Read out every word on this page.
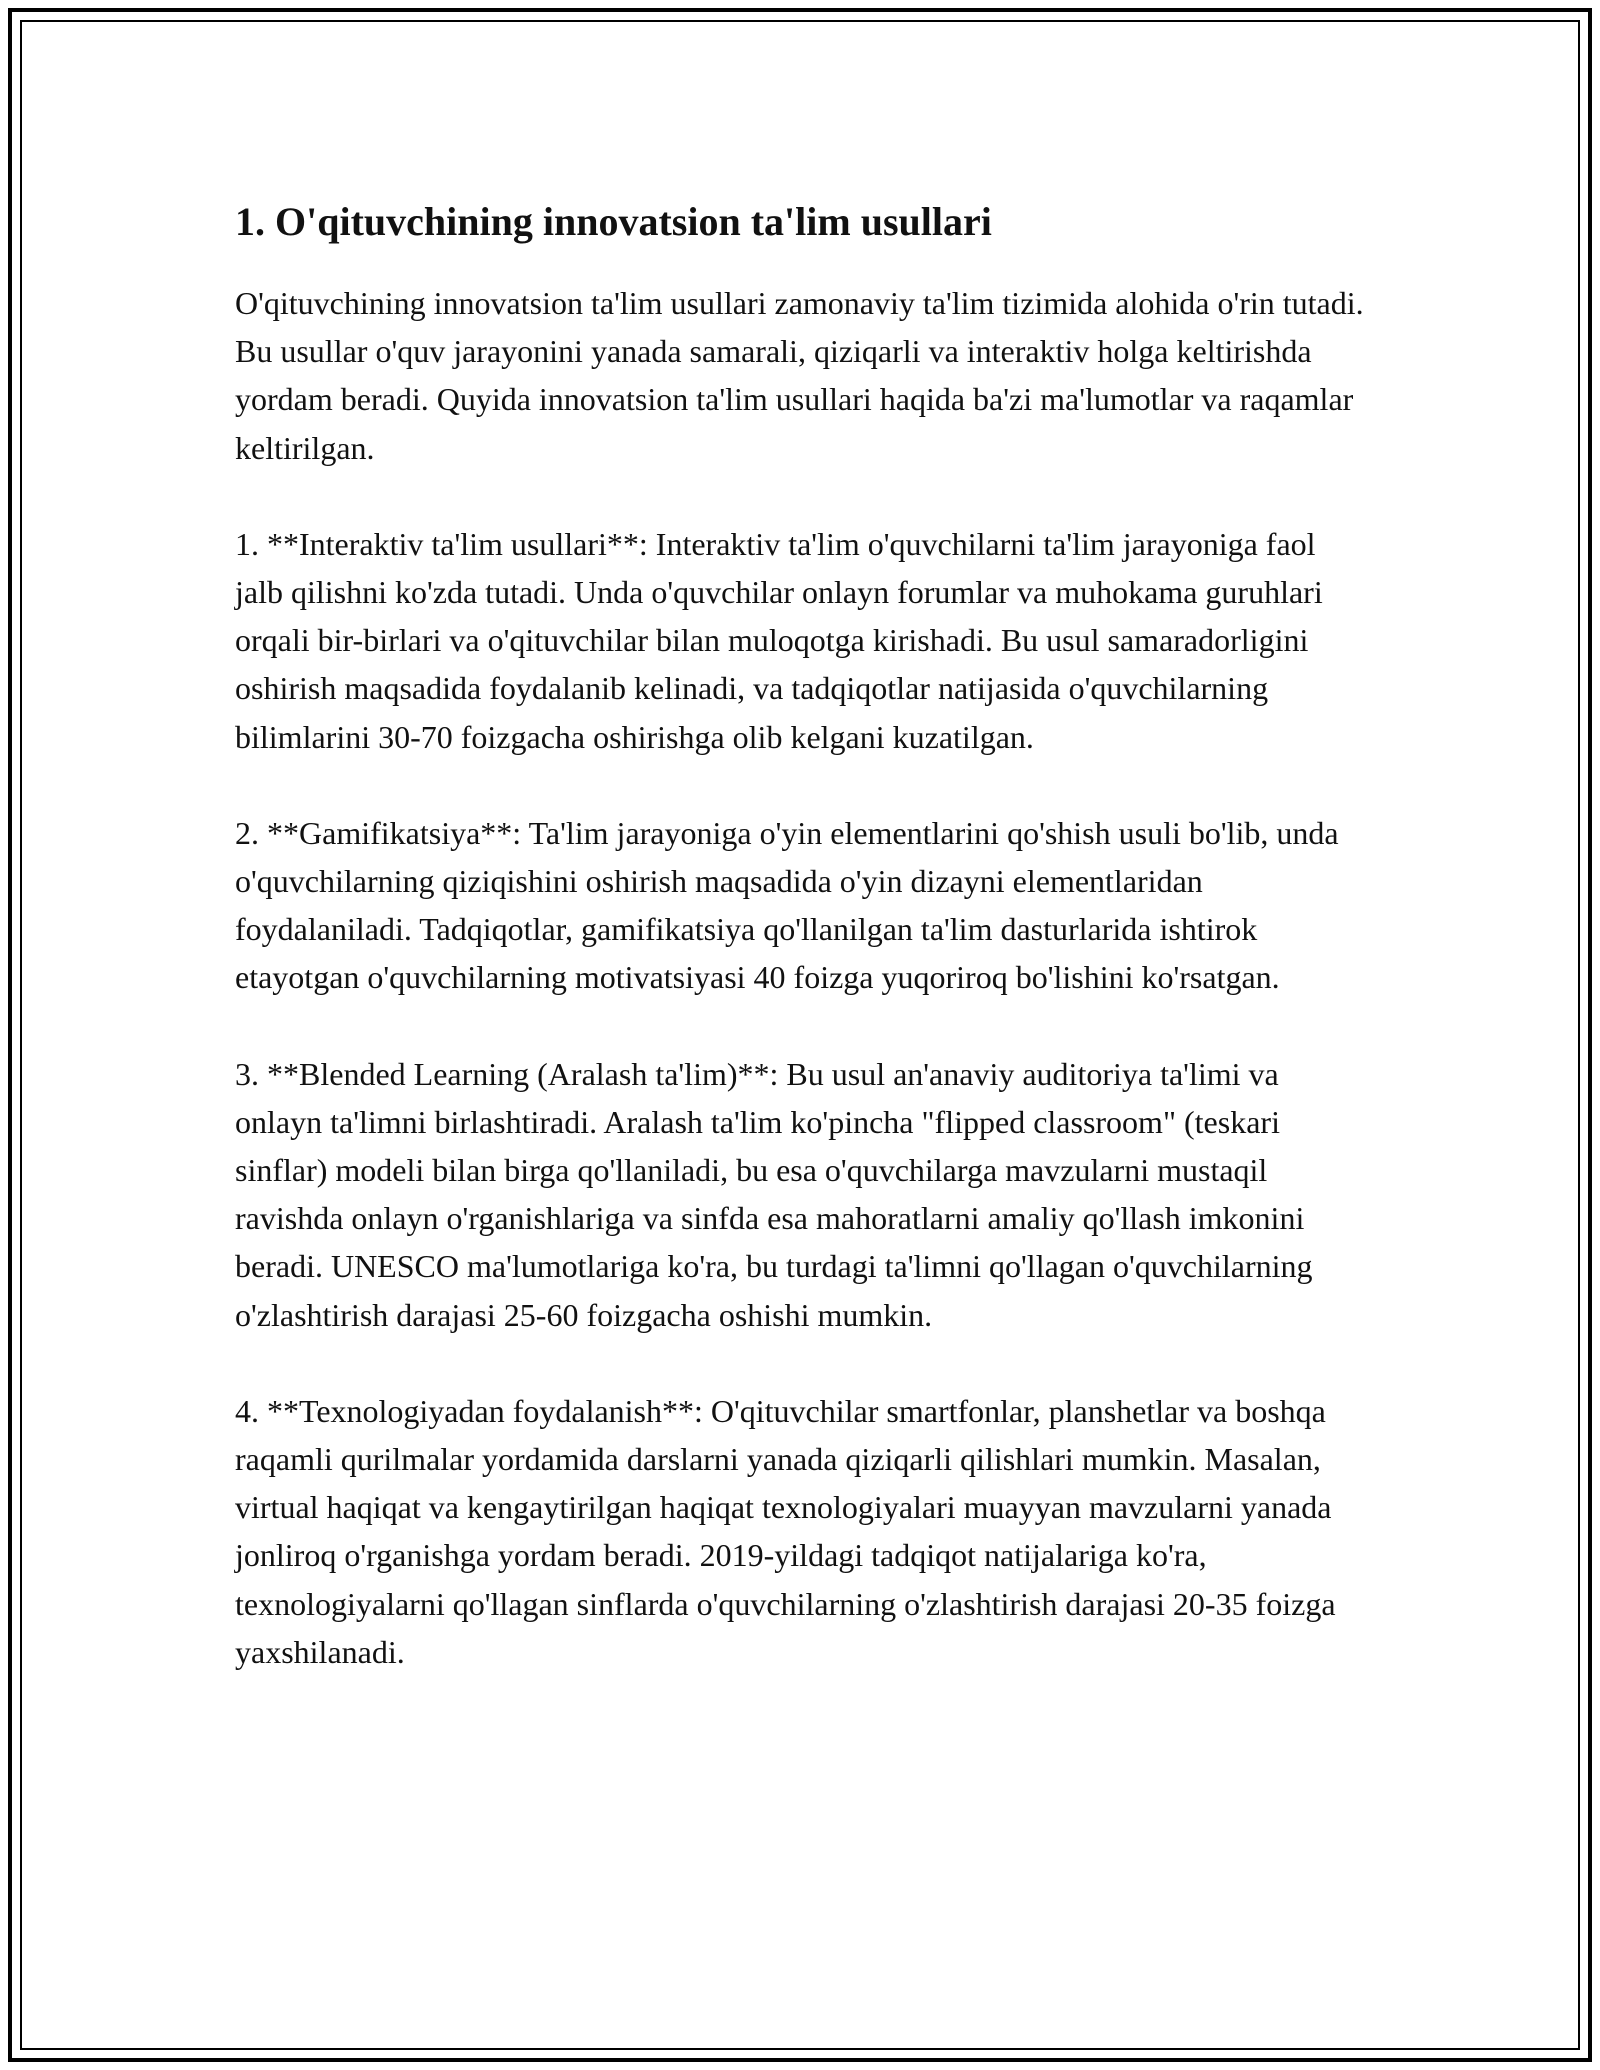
1. O'qituvchining innovatsion ta'lim usullari

O'qituvchining innovatsion ta'lim usullari zamonaviy ta'lim tizimida alohida o'rin tutadi. Bu usullar o'quv jarayonini yanada samarali, qiziqarli va interaktiv holga keltirishda yordam beradi. Quyida innovatsion ta'lim usullari haqida ba'zi ma'lumotlar va raqamlar keltirilgan.

1. **Interaktiv ta'lim usullari**: Interaktiv ta'lim o'quvchilarni ta'lim jarayoniga faol jalb qilishni ko'zda tutadi. Unda o'quvchilar onlayn forumlar va muhokama guruhlari orqali bir-birlari va o'qituvchilar bilan muloqotga kirishadi. Bu usul samaradorligini oshirish maqsadida foydalanib kelinadi, va tadqiqotlar natijasida o'quvchilarning bilimlarini 30-70 foizgacha oshirishga olib kelgani kuzatilgan.

2. **Gamifikatsiya**: Ta'lim jarayoniga o'yin elementlarini qo'shish usuli bo'lib, unda o'quvchilarning qiziqishini oshirish maqsadida o'yin dizayni elementlaridan foydalaniladi. Tadqiqotlar, gamifikatsiya qo'llanilgan ta'lim dasturlarida ishtirok etayotgan o'quvchilarning motivatsiyasi 40 foizga yuqoriroq bo'lishini ko'rsatgan.

3. **Blended Learning (Aralash ta'lim)**: Bu usul an'anaviy auditoriya ta'limi va onlayn ta'limni birlashtiradi. Aralash ta'lim ko'pincha "flipped classroom" (teskari sinflar) modeli bilan birga qo'llaniladi, bu esa o'quvchilarga mavzularni mustaqil ravishda onlayn o'rganishlariga va sinfda esa mahoratlarni amaliy qo'llash imkonini beradi. UNESCO ma'lumotlariga ko'ra, bu turdagi ta'limni qo'llagan o'quvchilarning o'zlashtirish darajasi 25-60 foizgacha oshishi mumkin.

4. **Texnologiyadan foydalanish**: O'qituvchilar smartfonlar, planshetlar va boshqa raqamli qurilmalar yordamida darslarni yanada qiziqarli qilishlari mumkin. Masalan, virtual haqiqat va kengaytirilgan haqiqat texnologiyalari muayyan mavzularni yanada jonliroq o'rganishga yordam beradi. 2019-yildagi tadqiqot natijalariga ko'ra, texnologiyalarni qo'llagan sinflarda o'quvchilarning o'zlashtirish darajasi 20-35 foizga yaxshilanadi.
